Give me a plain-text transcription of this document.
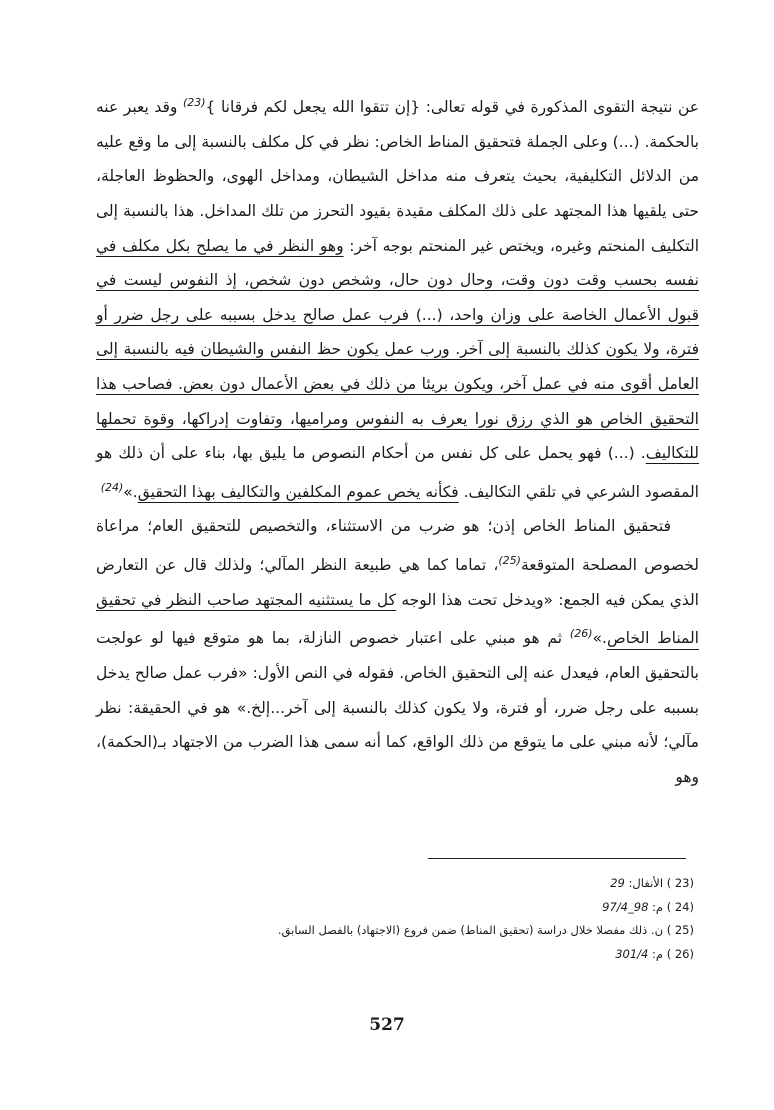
عن نتيجة التقوى المذكورة في قوله تعالى: {إن تتقوا الله يجعل لكم فرقانا }$^{(23)}$ وقد يعبر عنه بالحكمة. (...) وعلى الجملة فتحقيق المناط الخاص: نظر في كل مكلف بالنسبة إلى ما وقع عليه من الدلائل التكليفية، بحيث يتعرف منه مداخل الشيطان، ومداخل الهوى، والحظوظ العاجلة، حتى يلقيها هذا المجتهد على ذلك المكلف مقيدة بقيود التحرز من تلك المداخل. هذا بالنسبة إلى التكليف المنحتم وغيره، ويختص غير المنحتم بوجه آخر: وهو النظر في ما يصلح بكل مكلف في نفسه بحسب وقت دون وقت، وحال دون حال، وشخص دون شخص، إذ النفوس ليست في قبول الأعمال الخاصة على وزان واحد، (...) فرب عمل صالح يدخل بسببه على رجل ضرر أو فترة، ولا يكون كذلك بالنسبة إلى آخر. ورب عمل يكون حظ النفس والشيطان فيه بالنسبة إلى العامل أقوى منه في عمل آخر، ويكون بريئا من ذلك في بعض الأعمال دون بعض. فصاحب هذا التحقيق الخاص هو الذي رزق نورا يعرف به النفوس ومراميها، وتفاوت إدراكها، وقوة تحملها للتكاليف. (...) فهو يحمل على كل نفس من أحكام النصوص ما يليق بها، بناء على أن ذلك هو المقصود الشرعي في تلقي التكاليف. فكأنه يخص عموم المكلفين والتكاليف بهذا التحقيق.»$^{(24)}$

فتحقيق المناط الخاص إذن؛ هو ضرب من الاستثناء، والتخصيص للتحقيق العام؛ مراعاة لخصوص المصلحة المتوقعة$^{(25)}$، تماما كما هي طبيعة النظر المآلي؛ ولذلك قال عن التعارض الذي يمكن فيه الجمع: «ويدخل تحت هذا الوجه كل ما يستثنيه المجتهد صاحب النظر في تحقيق المناط الخاص.»$^{(26)}$ ثم هو مبني على اعتبار خصوص النازلة، بما هو متوقع فيها لو عولجت بالتحقيق العام، فيعدل عنه إلى التحقيق الخاص. فقوله في النص الأول: «فرب عمل صالح يدخل بسببه على رجل ضرر، أو فترة، ولا يكون كذلك بالنسبة إلى آخر...إلخ.» هو في الحقيقة: نظر مآلي؛ لأنه مبني على ما يتوقع من ذلك الواقع، كما أنه سمى هذا الضرب من الاجتهاد بـ(الحكمة)، وهو

(23 ) الأنفال: 29
(24 ) م: 98_97/4
(25 ) ن. ذلك مفصلا خلال دراسة (تحقيق المناط) ضمن فروع (الاجتهاد) بالفصل السابق.
(26 ) م: 301/4
527
